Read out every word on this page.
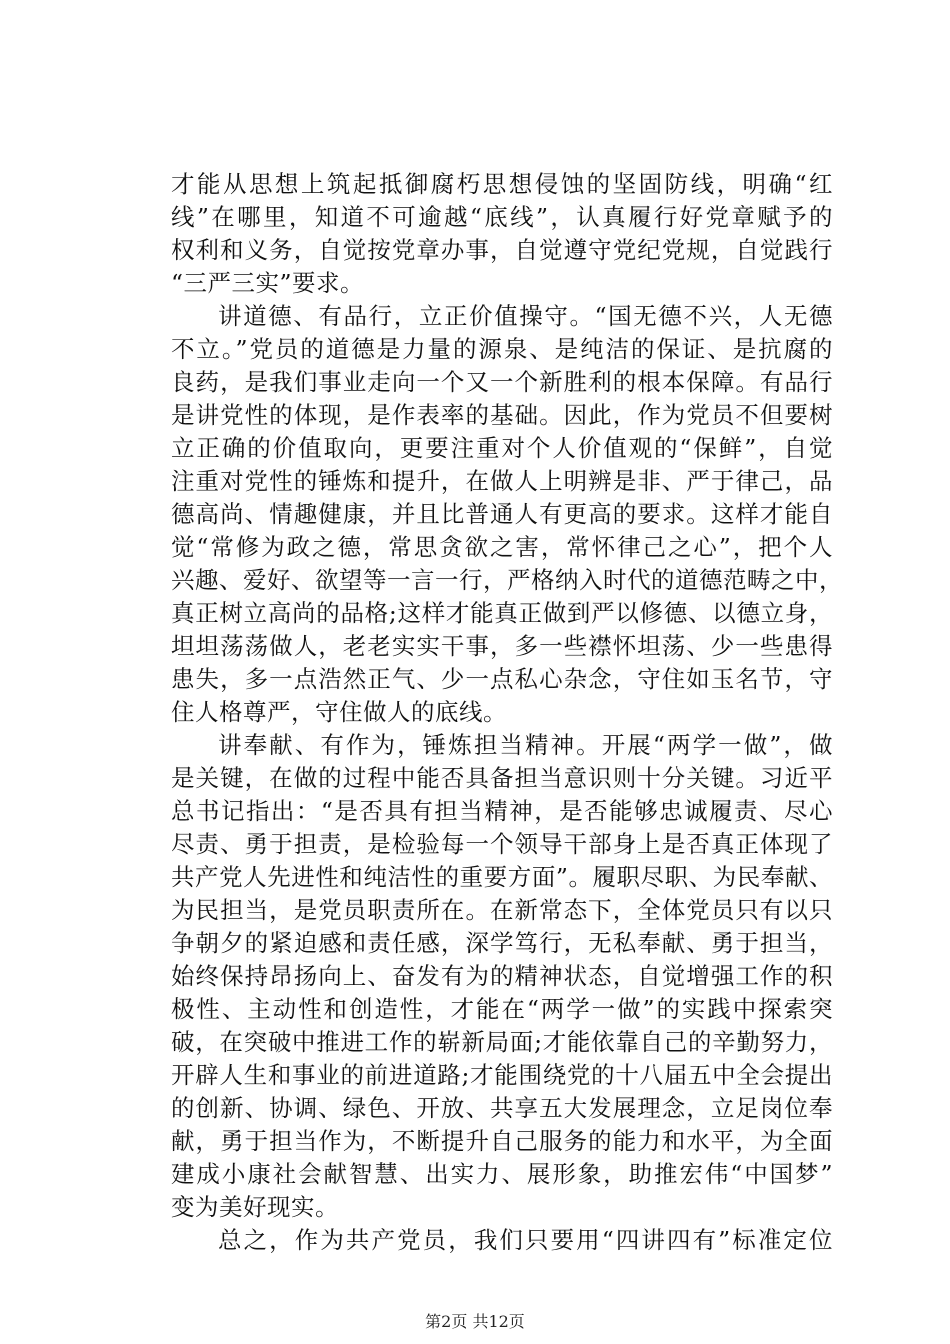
才能从思想上筑起抵御腐朽思想侵蚀的坚固防线，明确“红
线”在哪里，知道不可逾越“底线”，认真履行好党章赋予的
权利和义务，自觉按党章办事，自觉遵守党纪党规，自觉践行
“三严三实”要求。
讲道德、有品行，立正价值操守。“国无德不兴，人无德
不立。”党员的道德是力量的源泉、是纯洁的保证、是抗腐的
良药，是我们事业走向一个又一个新胜利的根本保障。有品行
是讲党性的体现，是作表率的基础。因此，作为党员不但要树
立正确的价值取向，更要注重对个人价值观的“保鲜”，自觉
注重对党性的锤炼和提升，在做人上明辨是非、严于律己，品
德高尚、情趣健康，并且比普通人有更高的要求。这样才能自
觉“常修为政之德，常思贪欲之害，常怀律己之心”，把个人
兴趣、爱好、欲望等一言一行，严格纳入时代的道德范畴之中，
真正树立高尚的品格;这样才能真正做到严以修德、以德立身，
坦坦荡荡做人，老老实实干事，多一些襟怀坦荡、少一些患得
患失，多一点浩然正气、少一点私心杂念，守住如玉名节，守
住人格尊严，守住做人的底线。
讲奉献、有作为，锤炼担当精神。开展“两学一做”，做
是关键，在做的过程中能否具备担当意识则十分关键。习近平
总书记指出：“是否具有担当精神，是否能够忠诚履责、尽心
尽责、勇于担责，是检验每一个领导干部身上是否真正体现了
共产党人先进性和纯洁性的重要方面”。履职尽职、为民奉献、
为民担当，是党员职责所在。在新常态下，全体党员只有以只
争朝夕的紧迫感和责任感，深学笃行，无私奉献、勇于担当，
始终保持昂扬向上、奋发有为的精神状态，自觉增强工作的积
极性、主动性和创造性，才能在“两学一做”的实践中探索突
破，在突破中推进工作的崭新局面;才能依靠自己的辛勤努力，
开辟人生和事业的前进道路;才能围绕党的十八届五中全会提出
的创新、协调、绿色、开放、共享五大发展理念，立足岗位奉
献，勇于担当作为，不断提升自己服务的能力和水平，为全面
建成小康社会献智慧、出实力、展形象，助推宏伟“中国梦”
变为美好现实。
总之，作为共产党员，我们只要用“四讲四有”标准定位
第2页 共12页
